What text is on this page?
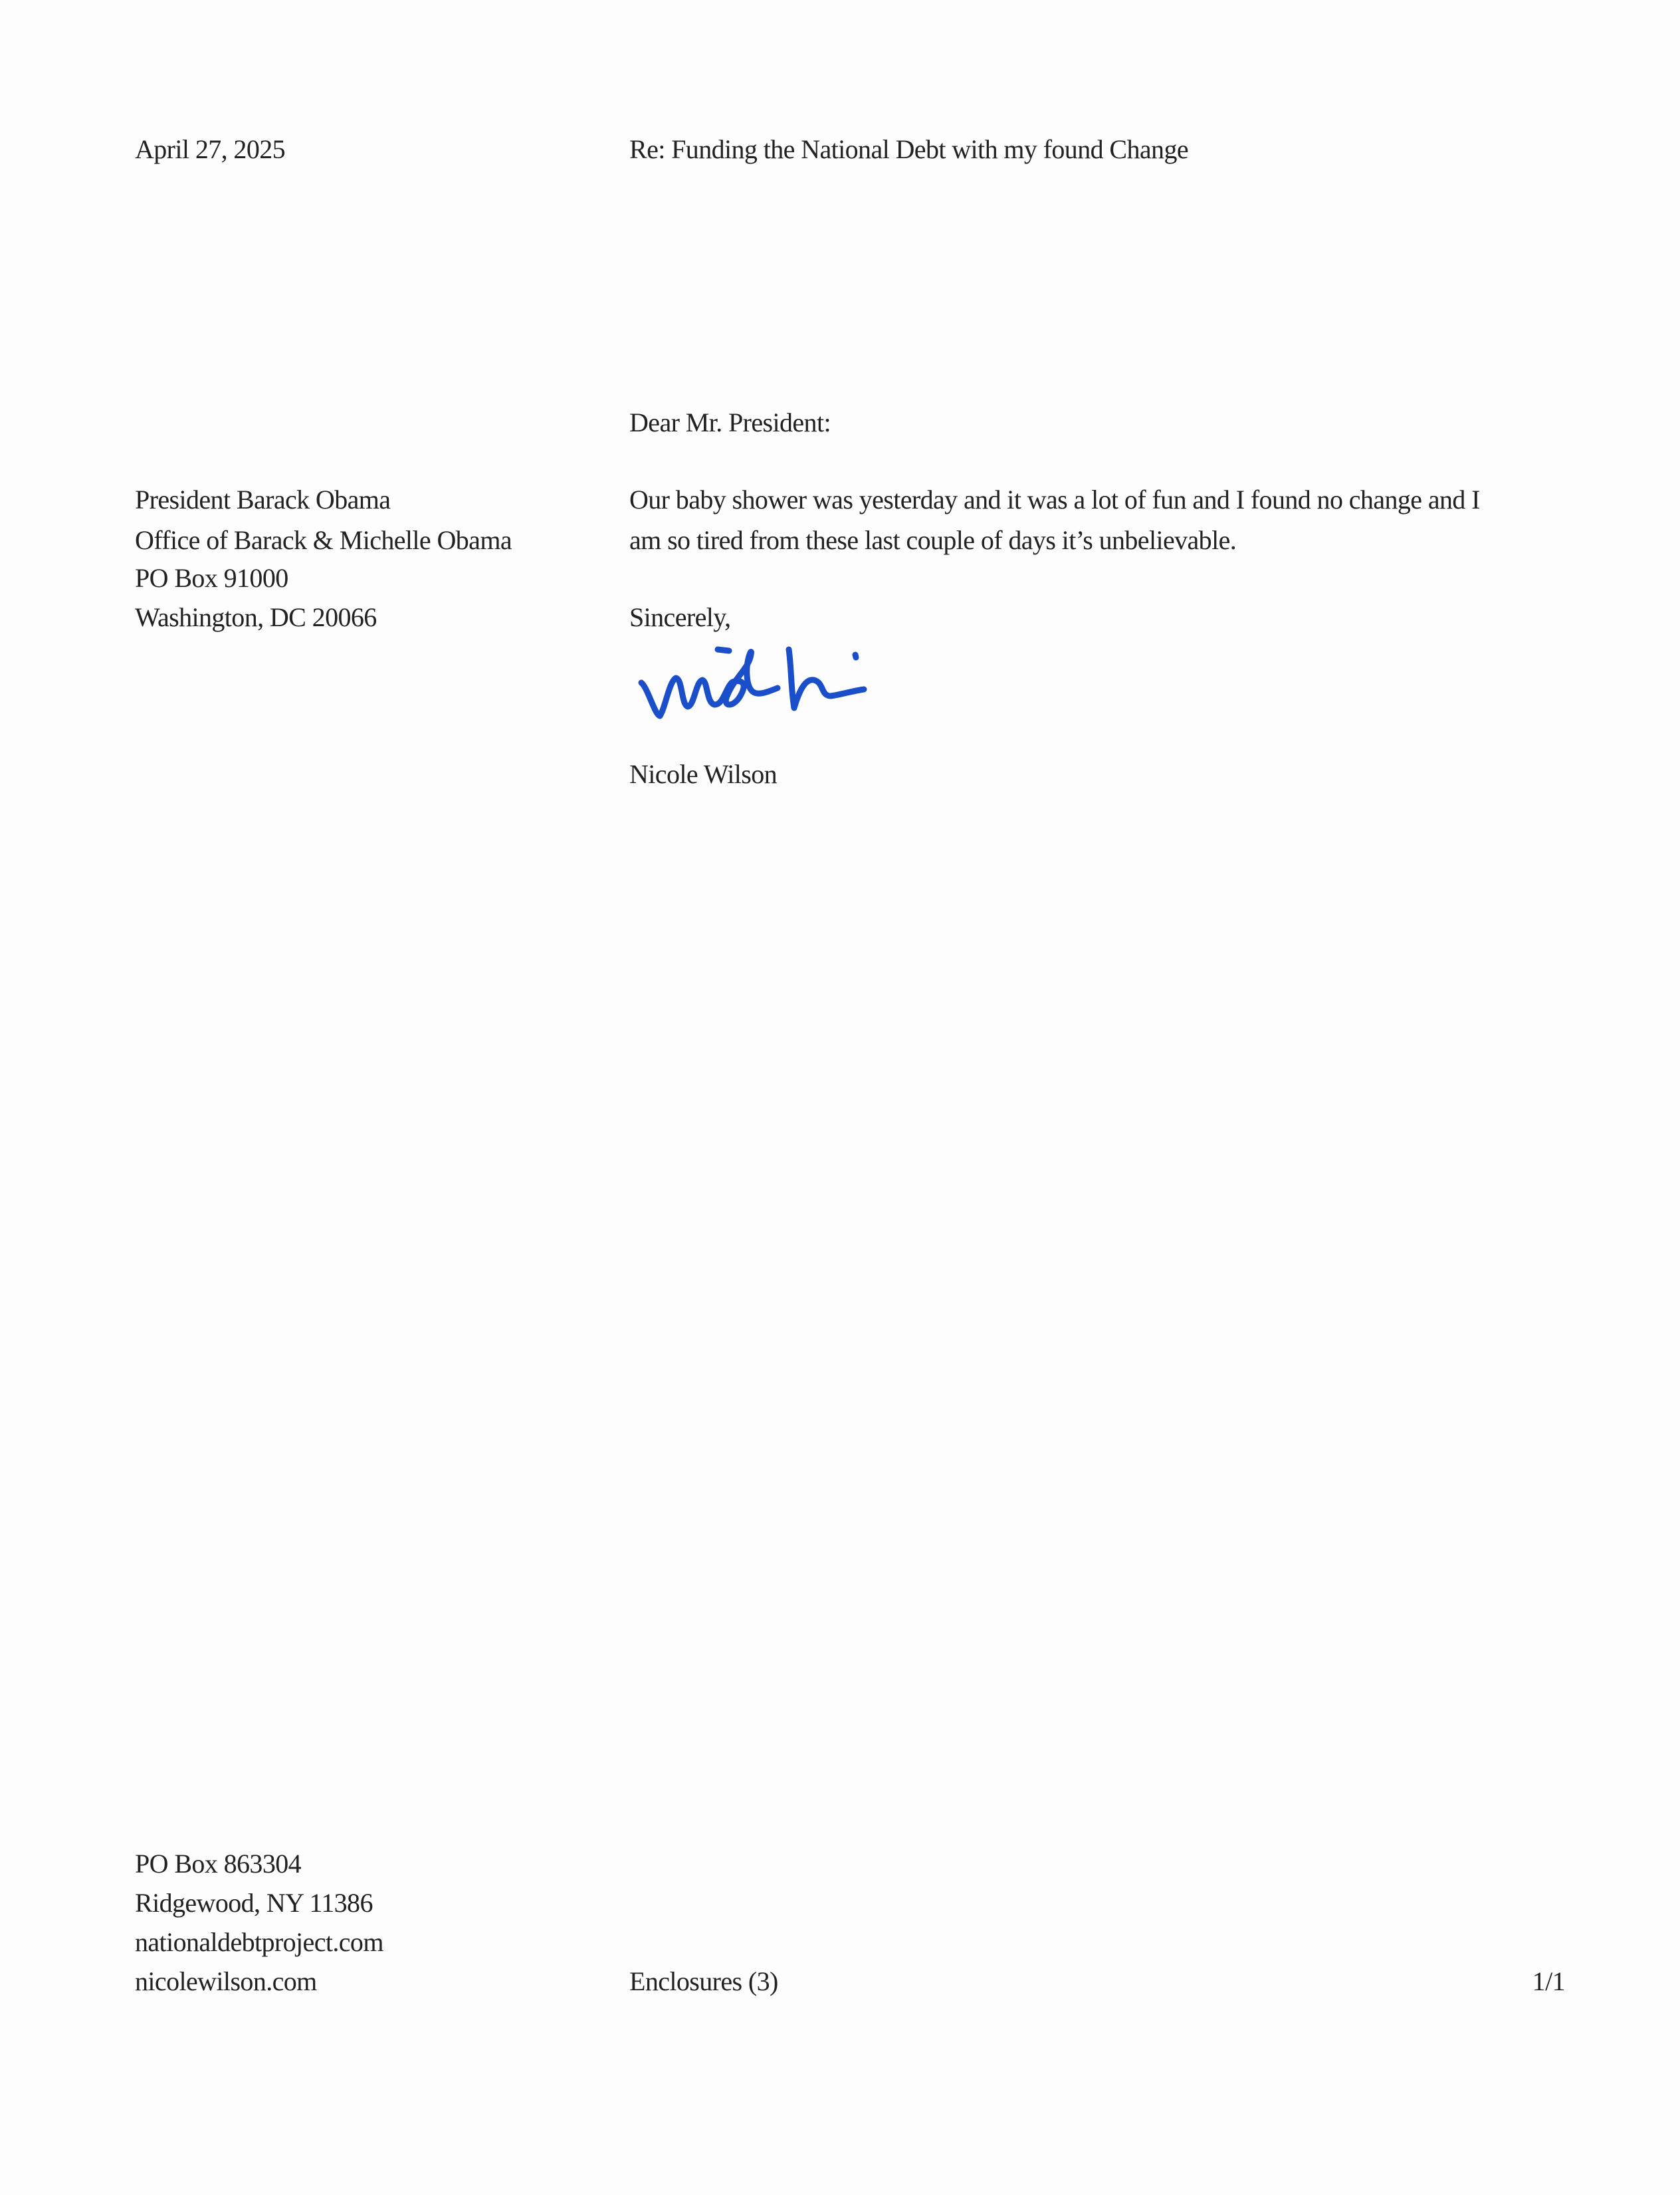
April 27, 2025	Re: Funding the National Debt with my found Change
Dear Mr. President:
President Barack Obama
Office of Barack & Michelle Obama
PO Box 91000
Washington, DC 20066
Our baby shower was yesterday and it was a lot of fun and I found no change and I
am so tired from these last couple of days it’s unbelievable.
Sincerely,
Nicole Wilson
PO Box 863304
Ridgewood, NY 11386
nationaldebtproject.com
nicolewilson.com	Enclosures (3)	1/1
